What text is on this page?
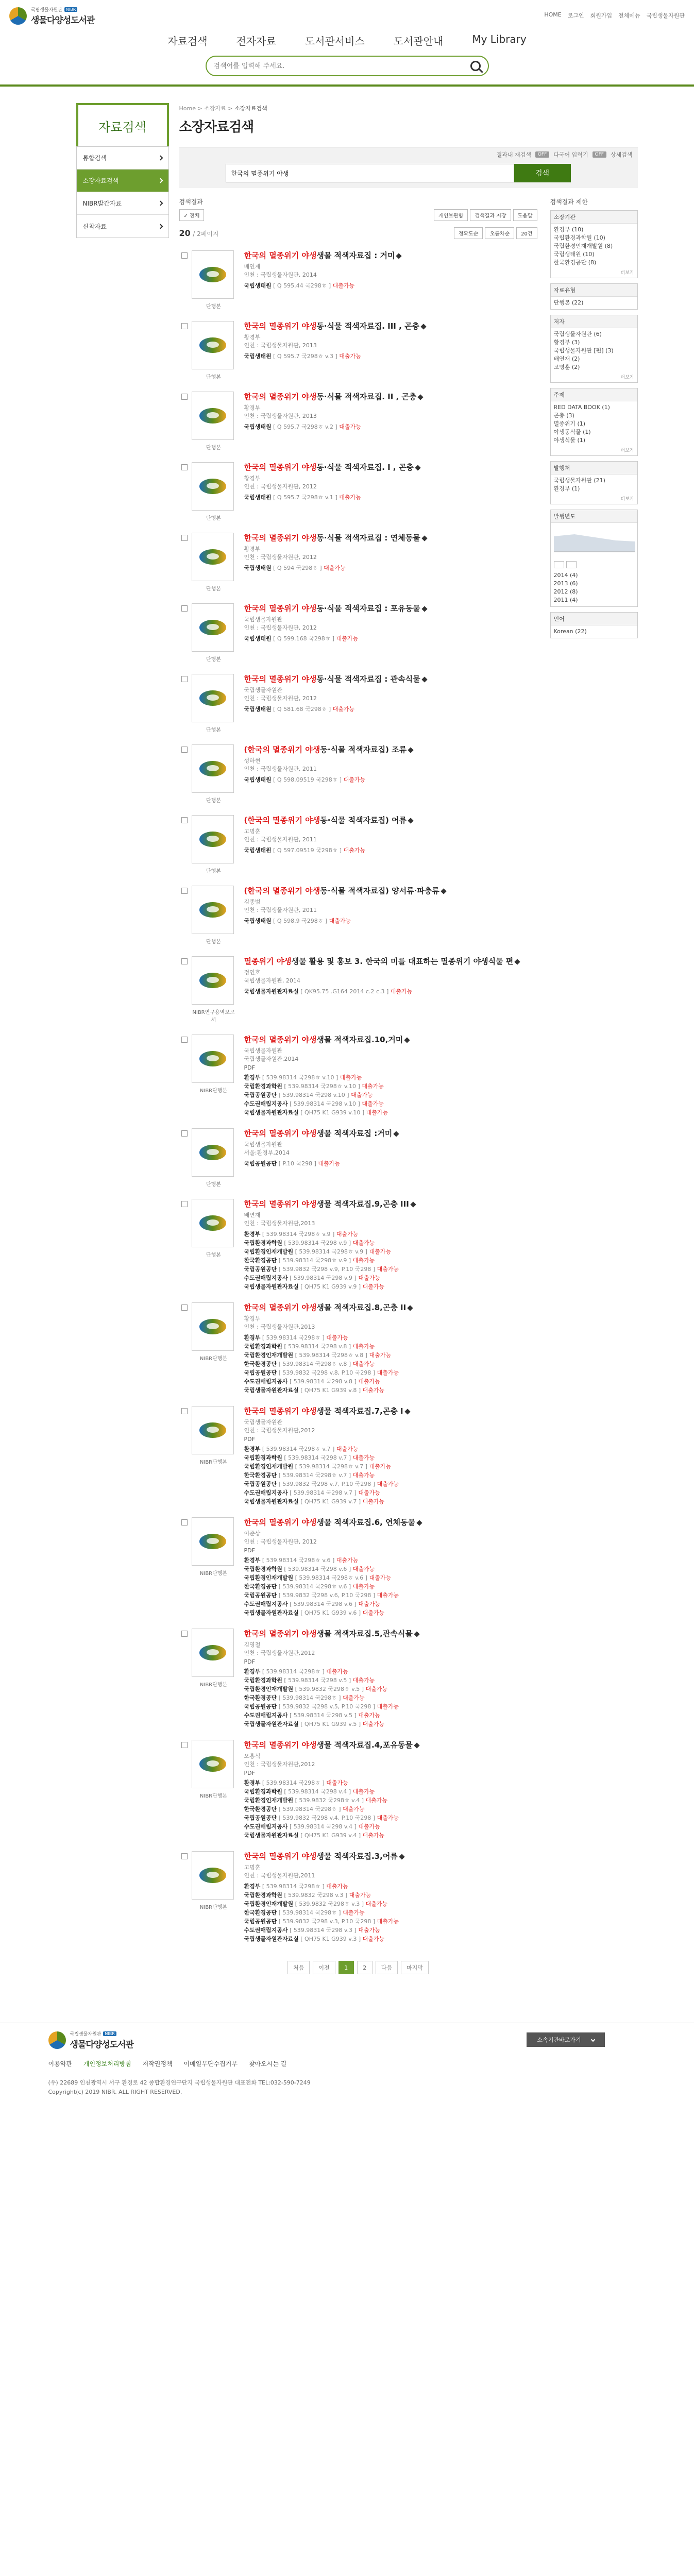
국립생물자원관 NIBR
생물다양성도서관
HOME 로그인 회원가입 전체메뉴 국립생물자원관
자료검색	전자자료	도서관서비스	도서관안내	My Library
검색어를 입력해 주세요.
자료검색
통합검색
소장자료검색
NIBR발간자료
신착자료
Home > 소장자료 > 소장자료검색
소장자료검색
결과내 재검색	OFF	다국어 입력기	OFF	상세검색
한국의 멸종위기 야생
검색
검색결과
✓ 전체	개인보관함	검색결과 저장	도움말
20 / 2페이지	정확도순	오름차순	20건
단행본
한국의 멸종위기 야생생물 적색자료집 : 거미
배연재
인천 : 국립생물자원관, 2014
국립생태원 [ Q 595.44 국298ㅎ ] 대출가능
단행본
한국의 멸종위기 야생동·식물 적색자료집. III , 곤충
황경부
인천 : 국립생물자원관, 2013
국립생태원 [ Q 595.7 국298ㅎ v.3 ] 대출가능
단행본
한국의 멸종위기 야생동·식물 적색자료집. II , 곤충
황경부
인천 : 국립생물자원관, 2013
국립생태원 [ Q 595.7 국298ㅎ v.2 ] 대출가능
단행본
한국의 멸종위기 야생동·식물 적색자료집. I , 곤충
황경부
인천 : 국립생물자원관, 2012
국립생태원 [ Q 595.7 국298ㅎ v.1 ] 대출가능
단행본
한국의 멸종위기 야생동·식물 적색자료집 : 연체동물
황경부
인천 : 국립생물자원관, 2012
국립생태원 [ Q 594 국298ㅎ ] 대출가능
단행본
한국의 멸종위기 야생동·식물 적색자료집 : 포유동물
국립생물자원관
인천 : 국립생물자원관, 2012
국립생태원 [ Q 599.168 국298ㅎ ] 대출가능
단행본
한국의 멸종위기 야생동·식물 적색자료집 : 관속식물
국립생물자원관
인천 : 국립생물자원관, 2012
국립생태원 [ Q 581.68 국298ㅎ ] 대출가능
단행본
(한국의 멸종위기 야생동·식물 적색자료집) 조류
성하현
인천 : 국립생물자원관, 2011
국립생태원 [ Q 598.09519 국298ㅎ ] 대출가능
단행본
(한국의 멸종위기 야생동·식물 적색자료집) 어류
고명훈
인천 : 국립생물자원관, 2011
국립생태원 [ Q 597.09519 국298ㅎ ] 대출가능
단행본
(한국의 멸종위기 야생동·식물 적색자료집) 양서류·파충류
김종범
인천 : 국립생물자원관, 2011
국립생태원 [ Q 598.9 국298ㅎ ] 대출가능
NIBR연구용역보고서
멸종위기 야생생물 활용 및 홍보 3. 한국의 미를 대표하는 멸종위기 야생식물 편
정연호
국립생물자원관, 2014
국립생물자원관자료실 [ QK95.75 .G164 2014 c.2 c.3 ] 대출가능
NIBR단행본
한국의 멸종위기 야생생물 적색자료집.10,거미
국립생물자원관
국립생물자원관,2014
PDF
환경부 [ 539.98314 국298ㅎ v.10 ] 대출가능
국립환경과학원 [ 539.98314 국298ㅎ v.10 ] 대출가능
국립공원공단 [ 539.98314 국298 v.10 ] 대출가능
수도권매립지공사 [ 539.98314 국298 v.10 ] 대출가능
국립생물자원관자료실 [ QH75 K1 G939 v.10 ] 대출가능
단행본
한국의 멸종위기 야생생물 적색자료집 :거미
국립생물자원관
서울:환경부,2014
국립공원공단 [ P.10 국298 ] 대출가능
단행본
한국의 멸종위기 야생생물 적색자료집.9,곤충 III
배연재
인천 : 국립생물자원관,2013
환경부 [ 539.98314 국298ㅎ v.9 ] 대출가능
국립환경과학원 [ 539.98314 국298 v.9 ] 대출가능
국립환경인재개발원 [ 539.98314 국298ㅎ v.9 ] 대출가능
한국환경공단 [ 539.98314 국298ㅎ v.9 ] 대출가능
국립공원공단 [ 539.9832 국298 v.9, P.10 국298 ] 대출가능
수도권매립지공사 [ 539.98314 국298 v.9 ] 대출가능
국립생물자원관자료실 [ QH75 K1 G939 v.9 ] 대출가능
NIBR단행본
한국의 멸종위기 야생생물 적색자료집.8,곤충 II
황경부
인천 : 국립생물자원관,2013
환경부 [ 539.98314 국298ㅎ ] 대출가능
국립환경과학원 [ 539.98314 국298 v.8 ] 대출가능
국립환경인재개발원 [ 539.98314 국298ㅎ v.8 ] 대출가능
한국환경공단 [ 539.98314 국298ㅎ v.8 ] 대출가능
국립공원공단 [ 539.9832 국298 v.8, P.10 국298 ] 대출가능
수도권매립지공사 [ 539.98314 국298 v.8 ] 대출가능
국립생물자원관자료실 [ QH75 K1 G939 v.8 ] 대출가능
NIBR단행본
한국의 멸종위기 야생생물 적색자료집.7,곤충 I
국립생물자원관
인천 : 국립생물자원관,2012
PDF
환경부 [ 539.98314 국298ㅎ v.7 ] 대출가능
국립환경과학원 [ 539.98314 국298 v.7 ] 대출가능
국립환경인재개발원 [ 539.98314 국298ㅎ v.7 ] 대출가능
한국환경공단 [ 539.98314 국298ㅎ v.7 ] 대출가능
국립공원공단 [ 539.9832 국298 v.7, P.10 국298 ] 대출가능
수도권매립지공사 [ 539.98314 국298 v.7 ] 대출가능
국립생물자원관자료실 [ QH75 K1 G939 v.7 ] 대출가능
NIBR단행본
한국의 멸종위기 야생생물 적색자료집.6, 연체동물
이준상
인천 : 국립생물자원관, 2012
PDF
환경부 [ 539.98314 국298ㅎ v.6 ] 대출가능
국립환경과학원 [ 539.98314 국298 v.6 ] 대출가능
국립환경인재개발원 [ 539.98314 국298ㅎ v.6 ] 대출가능
한국환경공단 [ 539.98314 국298ㅎ v.6 ] 대출가능
국립공원공단 [ 539.9832 국298 v.6, P.10 국298 ] 대출가능
수도권매립지공사 [ 539.98314 국298 v.6 ] 대출가능
국립생물자원관자료실 [ QH75 K1 G939 v.6 ] 대출가능
NIBR단행본
한국의 멸종위기 야생생물 적색자료집.5,관속식물
김영철
인천 : 국립생물자원관,2012
PDF
환경부 [ 539.98314 국298ㅎ ] 대출가능
국립환경과학원 [ 539.98314 국298 v.5 ] 대출가능
국립환경인재개발원 [ 539.9832 국298ㅎ v.5 ] 대출가능
한국환경공단 [ 539.98314 국298ㅎ ] 대출가능
국립공원공단 [ 539.9832 국298 v.5, P.10 국298 ] 대출가능
수도권매립지공사 [ 539.98314 국298 v.5 ] 대출가능
국립생물자원관자료실 [ QH75 K1 G939 v.5 ] 대출가능
NIBR단행본
한국의 멸종위기 야생생물 적색자료집.4,포유동물
오홍식
인천 : 국립생물자원관,2012
PDF
환경부 [ 539.98314 국298ㅎ ] 대출가능
국립환경과학원 [ 539.98314 국298 v.4 ] 대출가능
국립환경인재개발원 [ 539.9832 국298ㅎ v.4 ] 대출가능
한국환경공단 [ 539.98314 국298ㅎ ] 대출가능
국립공원공단 [ 539.9832 국298 v.4, P.10 국298 ] 대출가능
수도권매립지공사 [ 539.98314 국298 v.4 ] 대출가능
국립생물자원관자료실 [ QH75 K1 G939 v.4 ] 대출가능
NIBR단행본
한국의 멸종위기 야생생물 적색자료집.3,어류
고명훈
인천 : 국립생물자원관,2011
환경부 [ 539.98314 국298ㅎ ] 대출가능
국립환경과학원 [ 539.9832 국298 v.3 ] 대출가능
국립환경인재개발원 [ 539.9832 국298ㅎ v.3 ] 대출가능
한국환경공단 [ 539.98314 국298ㅎ ] 대출가능
국립공원공단 [ 539.9832 국298 v.3, P.10 국298 ] 대출가능
수도권매립지공사 [ 539.98314 국298 v.3 ] 대출가능
국립생물자원관자료실 [ QH75 K1 G939 v.3 ] 대출가능
처음	이전	1	2	다음	마지막
검색결과 제한
소장기관
환경부 (10)
국립환경과학원 (10)
국립환경인재개발원 (8)
국립생태원 (10)
한국환경공단 (8)
더보기
자료유형
단행본 (22)
저자
국립생물자원관 (6)
황경부 (3)
국립생물자원관 [편] (3)
배연재 (2)
고명훈 (2)
더보기
주제
RED DATA BOOK (1)
곤충 (3)
멸종위기 (1)
야생동식물 (1)
야생식물 (1)
더보기
발행처
국립생물자원관 (21)
환경부 (1)
더보기
발행년도
2014 (4)
2013 (6)
2012 (8)
2011 (4)
언어
Korean (22)
국립생물자원관 NIBR
생물다양성도서관	소속기관바로가기
이용약관 개인정보처리방침 저작권정책 이메일무단수집거부 찾아오시는 길
(우) 22689 인천광역시 서구 환경로 42 종합환경연구단지 국립생물자원관 대표전화 TEL:032-590-7249
Copyright(c) 2019 NIBR. ALL RIGHT RESERVED.
